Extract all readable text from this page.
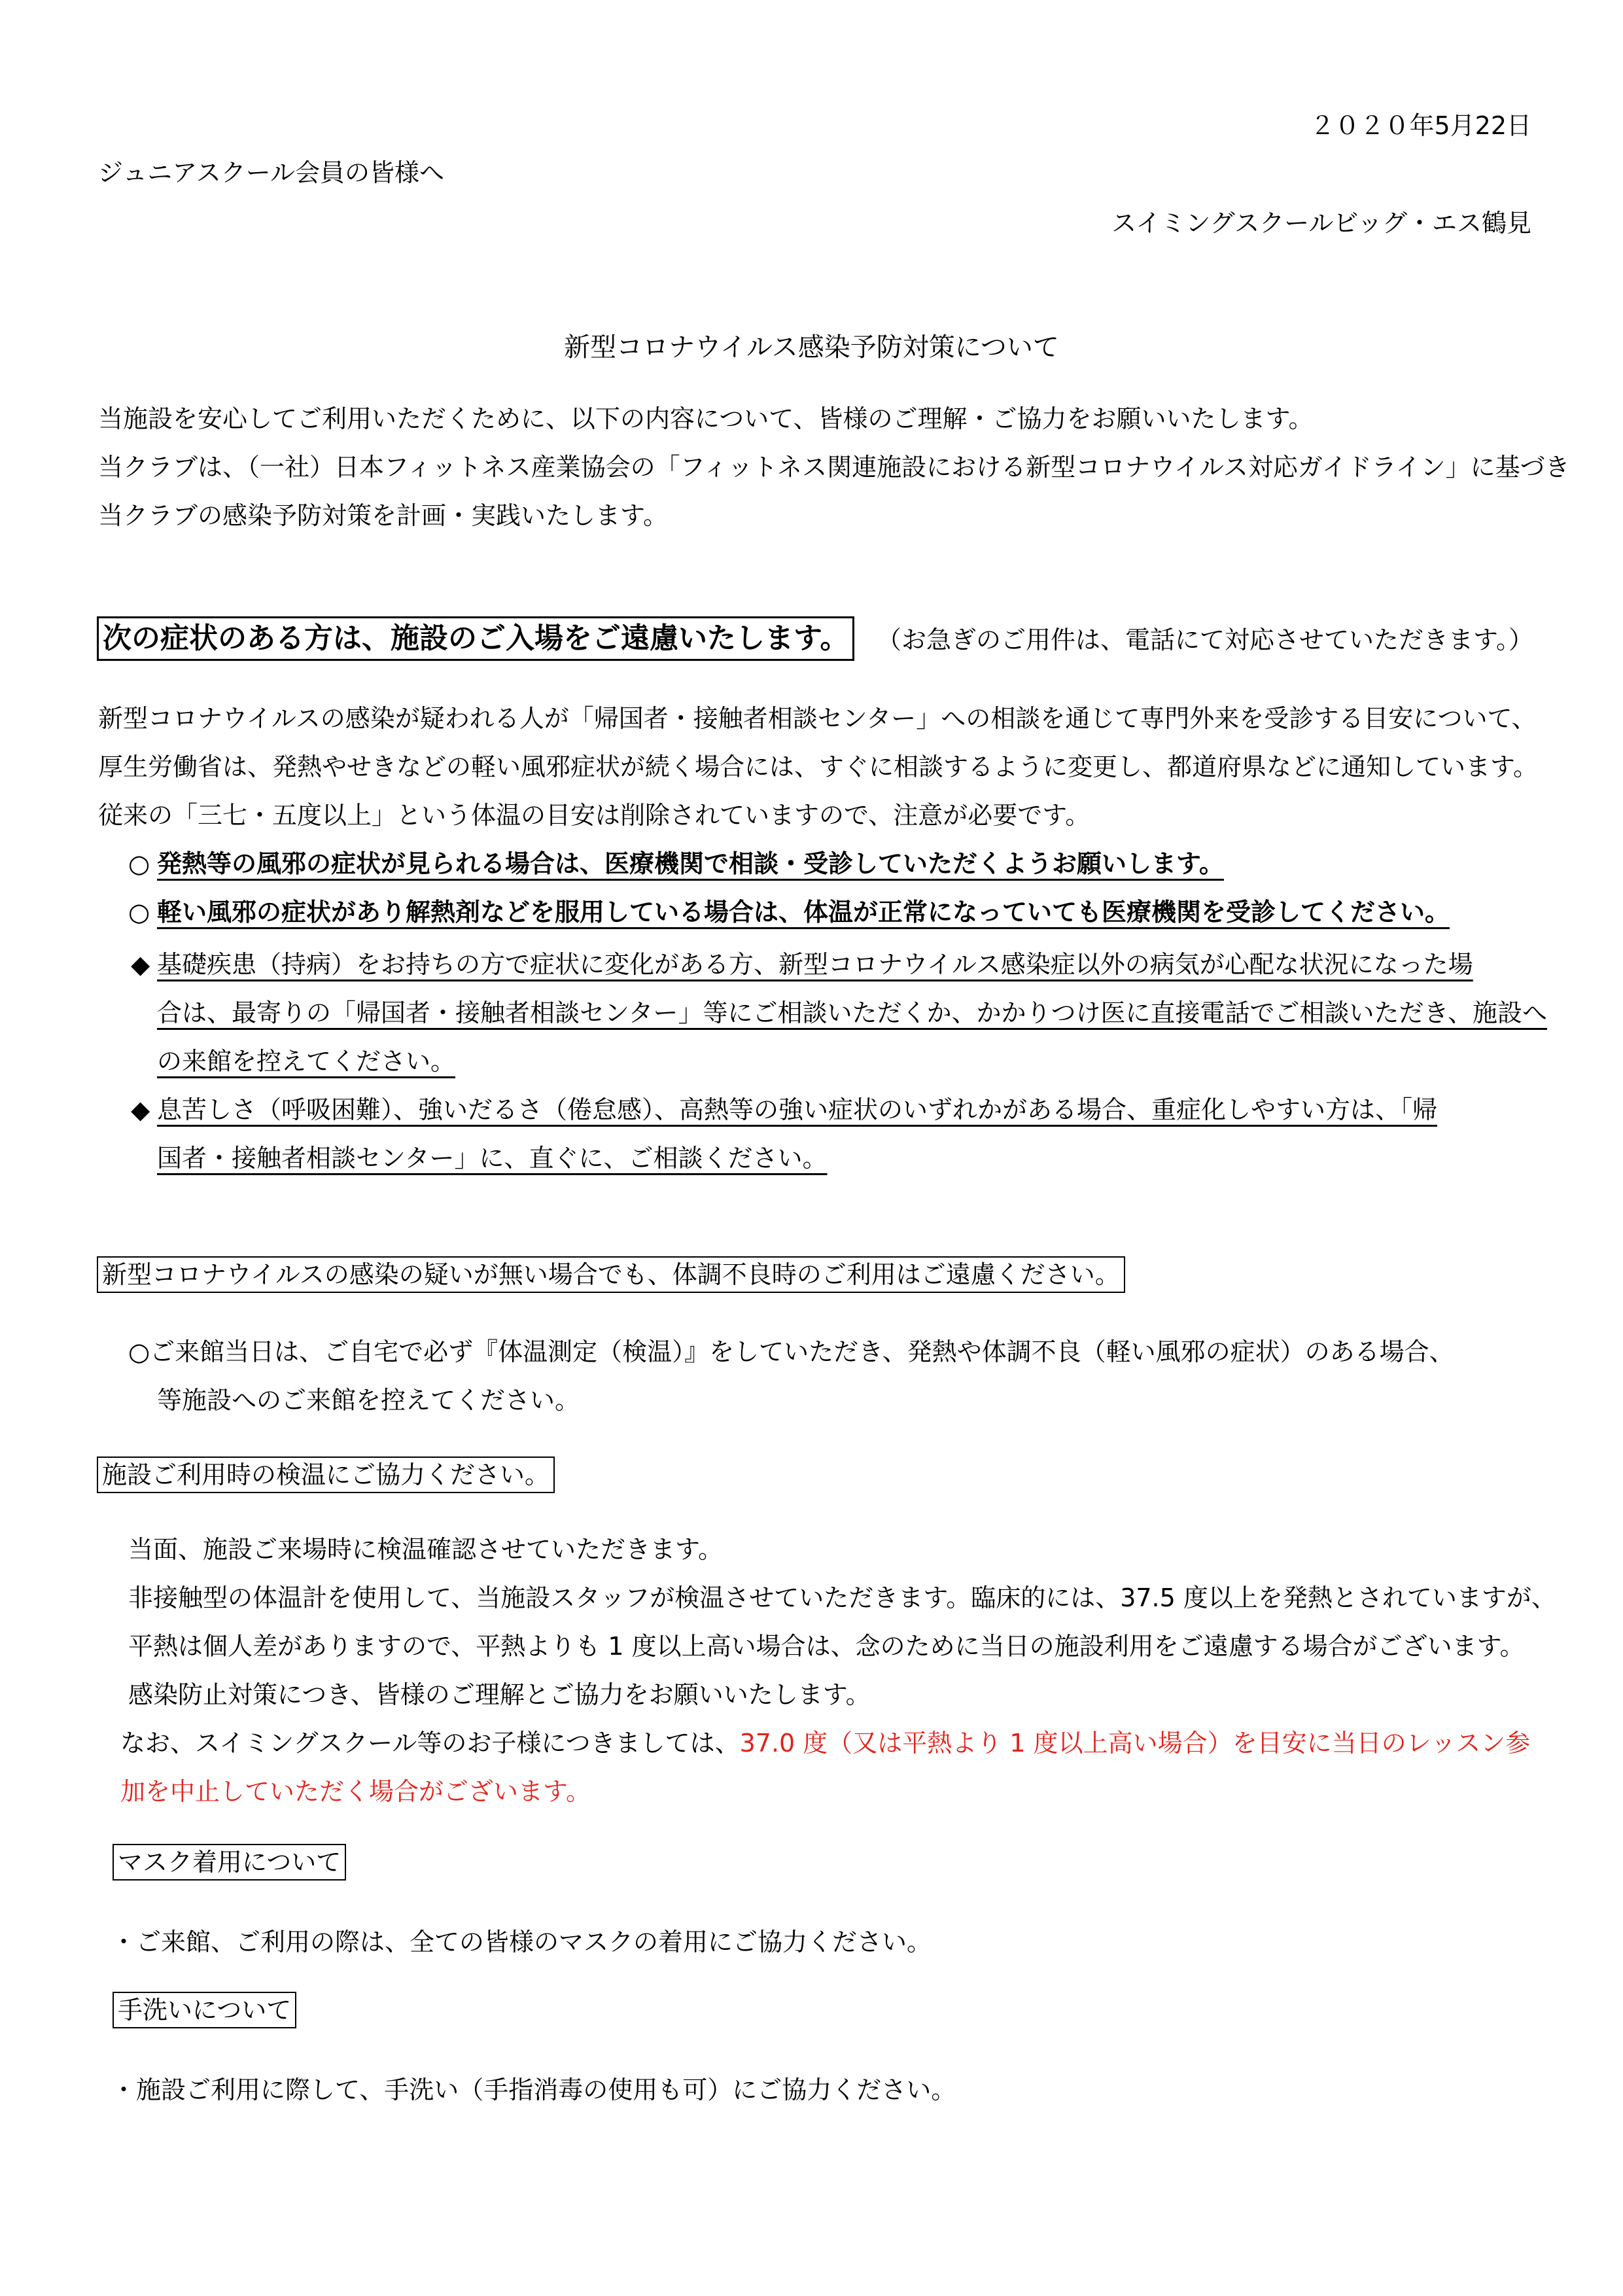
２０２０年5月22日
ジュニアスクール会員の皆様へ
スイミングスクールビッグ・エス鶴見
新型コロナウイルス感染予防対策について
当施設を安心してご利用いただくために、以下の内容について、皆様のご理解・ご協力をお願いいたします。
当クラブは、（一社）日本フィットネス産業協会の「フィットネス関連施設における新型コロナウイルス対応ガイドライン」に基づき
当クラブの感染予防対策を計画・実践いたします。
次の症状のある方は、施設のご入場をご遠慮いたします。 （お急ぎのご用件は、電話にて対応させていただきます。）
新型コロナウイルスの感染が疑われる人が「帰国者・接触者相談センター」への相談を通じて専門外来を受診する目安について、
厚生労働省は、発熱やせきなどの軽い風邪症状が続く場合には、すぐに相談するように変更し、都道府県などに通知しています。
従来の「三七・五度以上」という体温の目安は削除されていますので、注意が必要です。
○ 発熱等の風邪の症状が見られる場合は、医療機関で相談・受診していただくようお願いします。
○ 軽い風邪の症状があり解熱剤などを服用している場合は、体温が正常になっていても医療機関を受診してください。
◆ 基礎疾患（持病）をお持ちの方で症状に変化がある方、新型コロナウイルス感染症以外の病気が心配な状況になった場
合は、最寄りの「帰国者・接触者相談センター」等にご相談いただくか、かかりつけ医に直接電話でご相談いただき、施設へ
の来館を控えてください。
◆ 息苦しさ（呼吸困難）、強いだるさ（倦怠感）、高熱等の強い症状のいずれかがある場合、重症化しやすい方は、「帰
国者・接触者相談センター」に、直ぐに、ご相談ください。
新型コロナウイルスの感染の疑いが無い場合でも、体調不良時のご利用はご遠慮ください。
○ご来館当日は、ご自宅で必ず『体温測定（検温）』をしていただき、発熱や体調不良（軽い風邪の症状）のある場合、
等施設へのご来館を控えてください。
施設ご利用時の検温にご協力ください。
当面、施設ご来場時に検温確認させていただきます。
非接触型の体温計を使用して、当施設スタッフが検温させていただきます。臨床的には、37.5 度以上を発熱とされていますが、
平熱は個人差がありますので、平熱よりも 1 度以上高い場合は、念のために当日の施設利用をご遠慮する場合がございます。
感染防止対策につき、皆様のご理解とご協力をお願いいたします。
なお、スイミングスクール等のお子様につきましては、37.0 度（又は平熱より 1 度以上高い場合）を目安に当日のレッスン参
加を中止していただく場合がございます。
マスク着用について
・ご来館、ご利用の際は、全ての皆様のマスクの着用にご協力ください。
手洗いについて
・施設ご利用に際して、手洗い（手指消毒の使用も可）にご協力ください。
